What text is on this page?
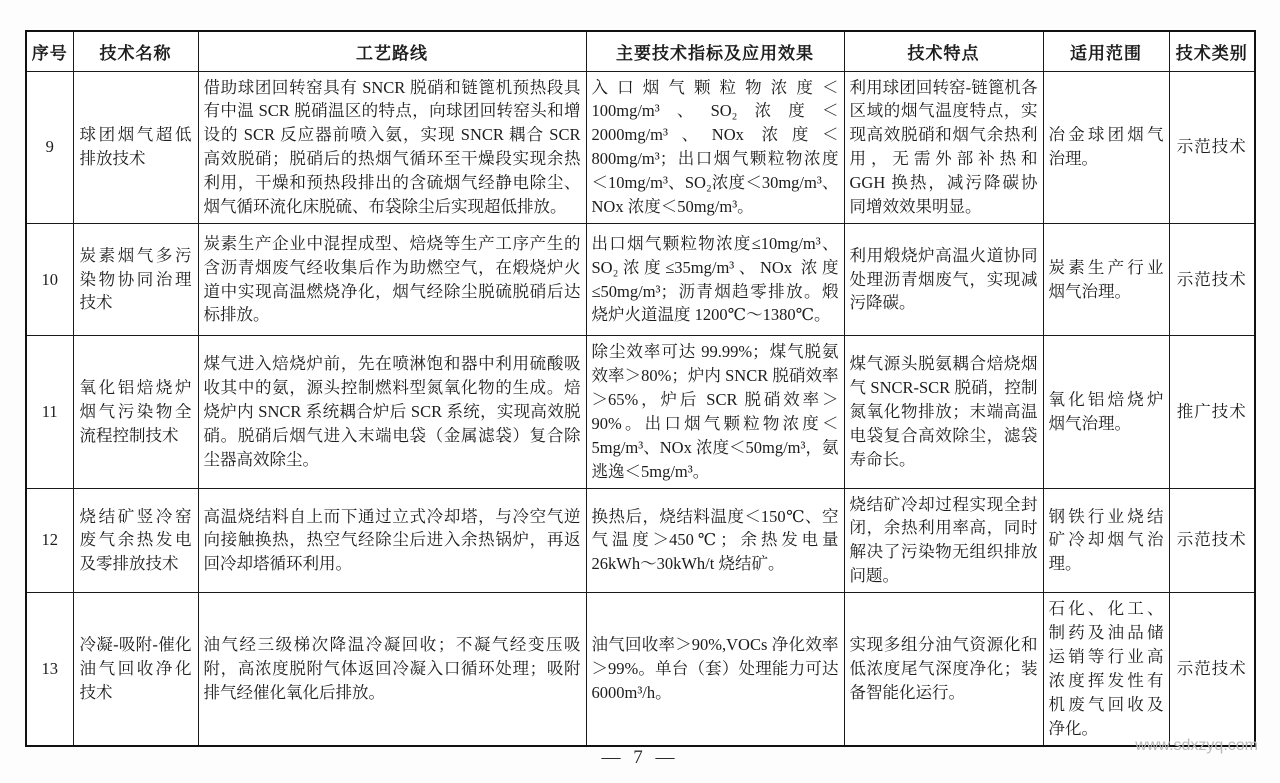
序号	技术名称	工艺路线	主要技术指标及应用效果	技术特点	适用范围	技术类别
9	球团烟气超低排放技术	借助球团回转窑具有 SNCR 脱硝和链篦机预热段具有中温 SCR 脱硝温区的特点，向球团回转窑头和增设的 SCR 反应器前喷入氨，实现 SNCR 耦合 SCR 高效脱硝；脱硝后的热烟气循环至干燥段实现余热利用，干燥和预热段排出的含硫烟气经静电除尘、烟气循环流化床脱硫、布袋除尘后实现超低排放。	入口烟气颗粒物浓度＜100mg/m³、SO₂浓度＜2000mg/m³、NOx 浓度＜800mg/m³；出口烟气颗粒物浓度＜10mg/m³、SO₂浓度＜30mg/m³、NOx 浓度＜50mg/m³。	利用球团回转窑-链篦机各区域的烟气温度特点，实现高效脱硝和烟气余热利用，无需外部补热和 GGH 换热，减污降碳协同增效效果明显。	冶金球团烟气治理。	示范技术
10	炭素烟气多污染物协同治理技术	炭素生产企业中混捏成型、焙烧等生产工序产生的含沥青烟废气经收集后作为助燃空气，在煅烧炉火道中实现高温燃烧净化，烟气经除尘脱硫脱硝后达标排放。	出口烟气颗粒物浓度≤10mg/m³、SO₂浓度≤35mg/m³、NOx 浓度≤50mg/m³；沥青烟趋零排放。煅烧炉火道温度 1200℃～1380℃。	利用煅烧炉高温火道协同处理沥青烟废气，实现减污降碳。	炭素生产行业烟气治理。	示范技术
11	氧化铝焙烧炉烟气污染物全流程控制技术	煤气进入焙烧炉前，先在喷淋饱和器中利用硫酸吸收其中的氨，源头控制燃料型氮氧化物的生成。焙烧炉内 SNCR 系统耦合炉后 SCR 系统，实现高效脱硝。脱硝后烟气进入末端电袋（金属滤袋）复合除尘器高效除尘。	除尘效率可达 99.99%；煤气脱氨效率＞80%；炉内 SNCR 脱硝效率＞65%，炉后 SCR 脱硝效率＞90%。出口烟气颗粒物浓度＜5mg/m³、NOx 浓度＜50mg/m³，氨逃逸＜5mg/m³。	煤气源头脱氨耦合焙烧烟气 SNCR-SCR 脱硝，控制氮氧化物排放；末端高温电袋复合高效除尘，滤袋寿命长。	氧化铝焙烧炉烟气治理。	推广技术
12	烧结矿竖冷窑废气余热发电及零排放技术	高温烧结料自上而下通过立式冷却塔，与冷空气逆向接触换热，热空气经除尘后进入余热锅炉，再返回冷却塔循环利用。	换热后，烧结料温度＜150℃、空气温度＞450℃；余热发电量 26kWh～30kWh/t 烧结矿。	烧结矿冷却过程实现全封闭，余热利用率高，同时解决了污染物无组织排放问题。	钢铁行业烧结矿冷却烟气治理。	示范技术
13	冷凝-吸附-催化油气回收净化技术	油气经三级梯次降温冷凝回收；不凝气经变压吸附，高浓度脱附气体返回冷凝入口循环处理；吸附排气经催化氧化后排放。	油气回收率＞90%,VOCs 净化效率＞99%。单台（套）处理能力可达 6000m³/h。	实现多组分油气资源化和低浓度尾气深度净化；装备智能化运行。	石化、化工、制药及油品储运销等行业高浓度挥发性有机废气回收及净化。	示范技术
— 7 —
www.sdxzyq.com
